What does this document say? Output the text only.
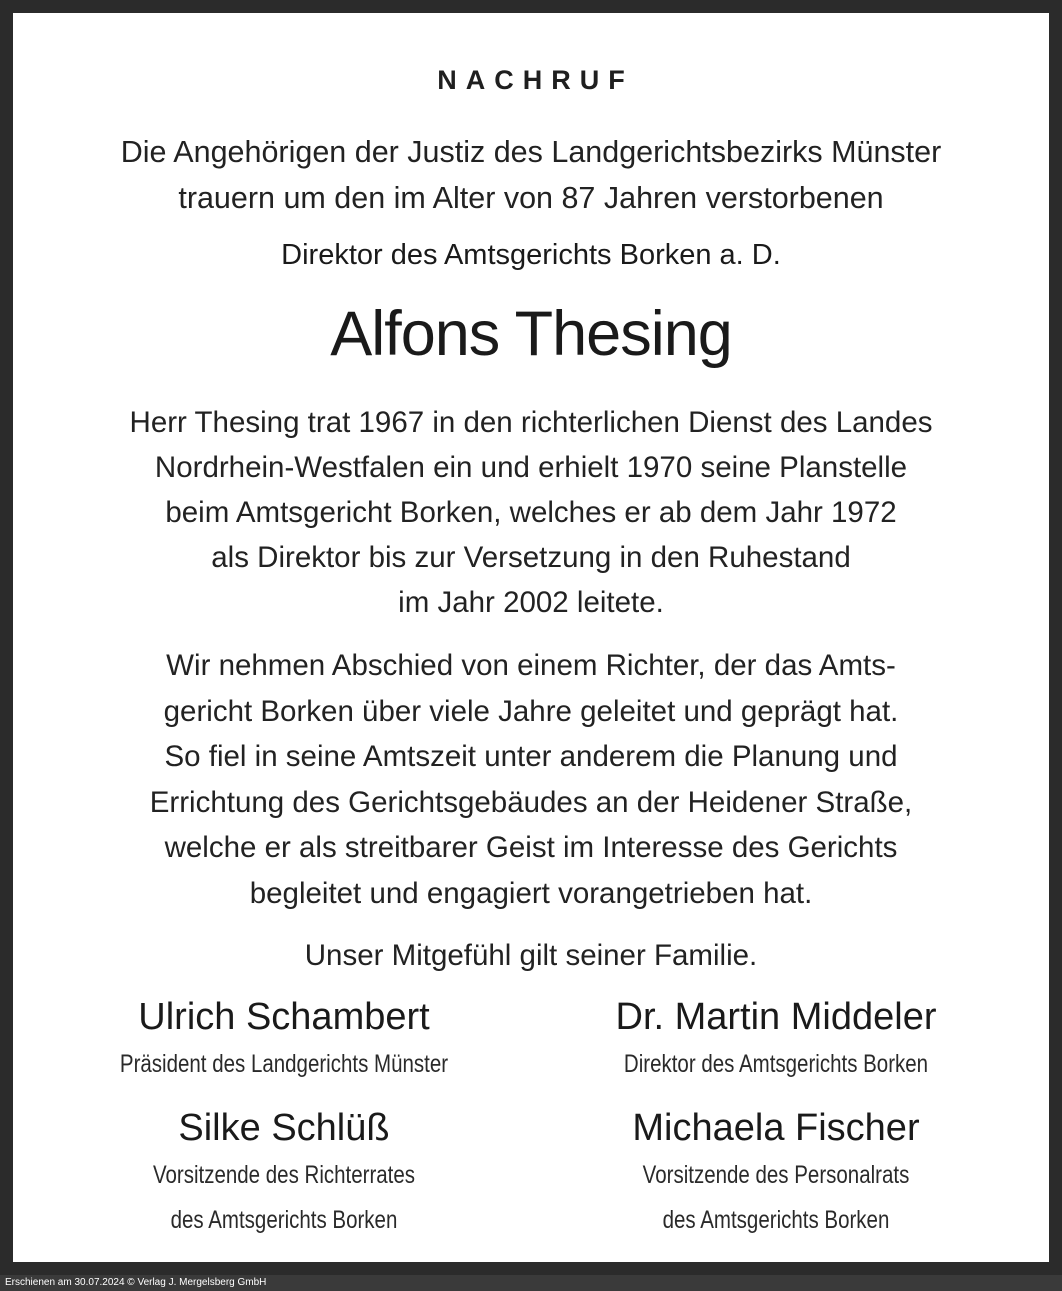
NACHRUF
Die Angehörigen der Justiz des Landgerichtsbezirks Münster
trauern um den im Alter von 87 Jahren verstorbenen
Direktor des Amtsgerichts Borken a. D.
Alfons Thesing
Herr Thesing trat 1967 in den richterlichen Dienst des Landes
Nordrhein-Westfalen ein und erhielt 1970 seine Planstelle
beim Amtsgericht Borken, welches er ab dem Jahr 1972
als Direktor bis zur Versetzung in den Ruhestand
im Jahr 2002 leitete.
Wir nehmen Abschied von einem Richter, der das Amts-
gericht Borken über viele Jahre geleitet und geprägt hat.
So fiel in seine Amtszeit unter anderem die Planung und
Errichtung des Gerichtsgebäudes an der Heidener Straße,
welche er als streitbarer Geist im Interesse des Gerichts
begleitet und engagiert vorangetrieben hat.
Unser Mitgefühl gilt seiner Familie.
Ulrich Schambert
Präsident des Landgerichts Münster
Dr. Martin Middeler
Direktor des Amtsgerichts Borken
Silke Schlüß
Vorsitzende des Richterrates
des Amtsgerichts Borken
Michaela Fischer
Vorsitzende des Personalrats
des Amtsgerichts Borken
Erschienen am 30.07.2024 © Verlag J. Mergelsberg GmbH
